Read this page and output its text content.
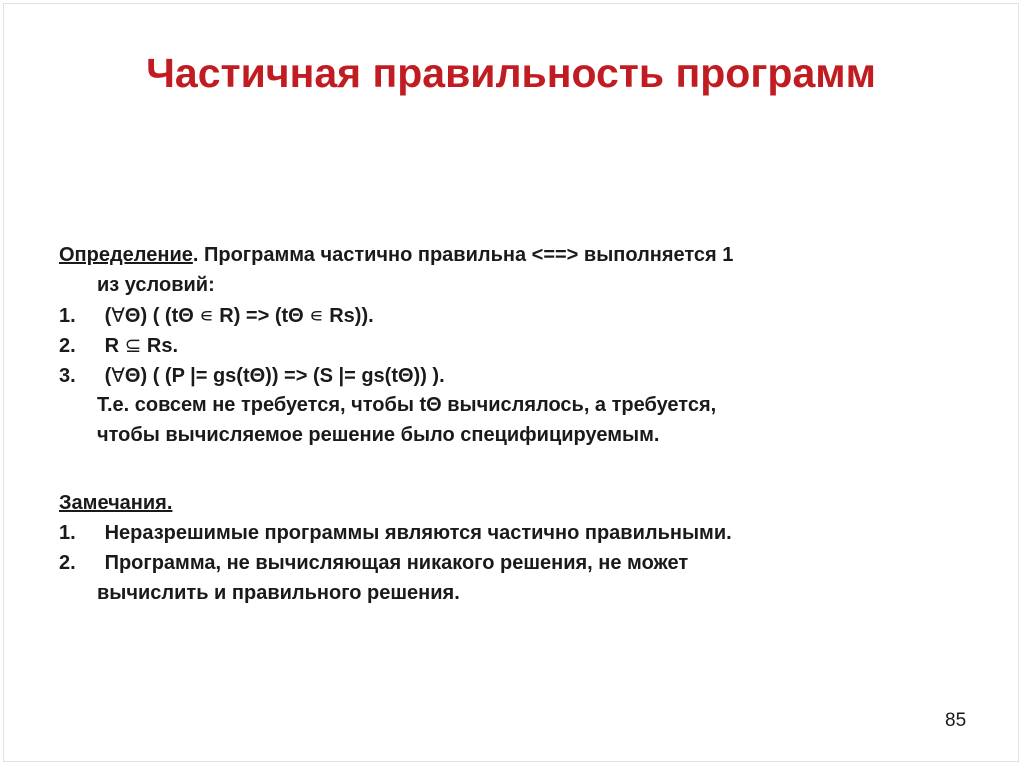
Частичная правильность программ
Определение. Программа частично правильна <==> выполняется 1
из условий:
1. (∀Θ) ( (tΘ ∊ R) => (tΘ ∊ Rs)).
2. R ⊆ Rs.
3. (∀Θ) ( (P |= gs(tΘ)) => (S |= gs(tΘ)) ).
Т.е. совсем не требуется, чтобы tΘ вычислялось, а требуется,
чтобы вычисляемое решение было специфицируемым.
Замечания.
1. Неразрешимые программы являются частично правильными.
2. Программа, не вычисляющая никакого решения, не может
вычислить и правильного решения.
85
